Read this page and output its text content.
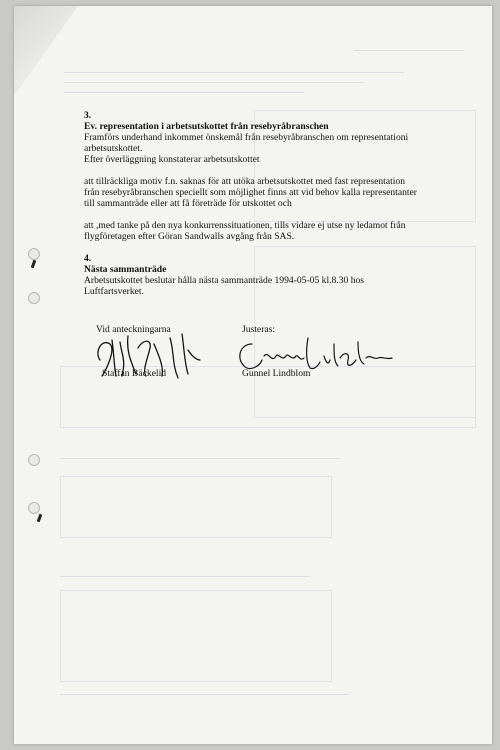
3.

Ev. representation i arbetsutskottet från resebyråbranschen

Framförs underhand inkommet önskemål från resebyråbranschen om representationi

arbetsutskottet.

Efter överläggning konstaterar arbetsutskottet

att tillräckliga motiv f.n. saknas för att utöka arbetsutskottet med fast representation

från resebyråbranschen speciellt som möjlighet finns att vid behov kalla representanter

till sammanträde eller att få företräde för utskottet och

att ,med tanke på den nya konkurrenssituationen, tills vidare ej utse ny ledamot från

flygföretagen efter Göran Sandwalls avgång från SAS.

4.

Nästa sammanträde

Arbetsutskottet beslutar hålla nästa sammanträde 1994-05-05 kl.8.30 hos

Luftfartsverket.

Vid anteckningarna	Justeras:
Staffan Bäckelid	Gunnel Lindblom
